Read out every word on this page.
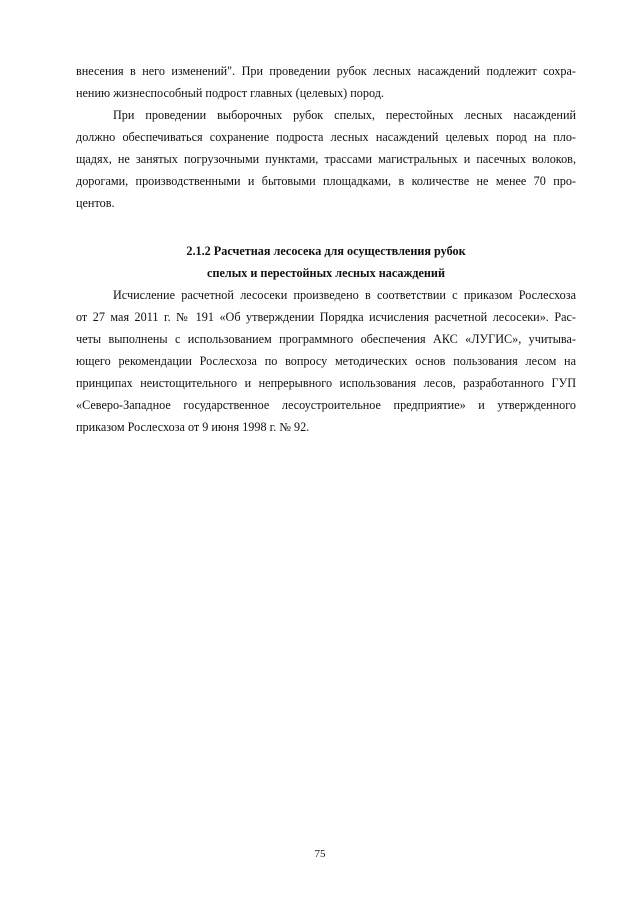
внесения в него изменений". При проведении рубок лесных насаждений подлежит сохра-
нению жизнеспособный подрост главных (целевых) пород.
При проведении выборочных рубок спелых, перестойных лесных насаждений
должно обеспечиваться сохранение подроста лесных насаждений целевых пород на пло-
щадях, не занятых погрузочными пунктами, трассами магистральных и пасечных волоков,
дорогами, производственными и бытовыми площадками, в количестве не менее 70 про-
центов.
2.1.2 Расчетная лесосека для осуществления рубок
спелых и перестойных лесных насаждений
Исчисление расчетной лесосеки произведено в соответствии с приказом Рослесхоза
от 27 мая 2011 г. № 191 «Об утверждении Порядка исчисления расчетной лесосеки». Рас-
четы выполнены с использованием программного обеспечения АКС «ЛУГИС», учитыва-
ющего рекомендации Рослесхоза по вопросу методических основ пользования лесом на
принципах неистощительного и непрерывного использования лесов, разработанного ГУП
«Северо-Западное государственное лесоустроительное предприятие» и утвержденного
приказом Рослесхоза от 9 июня 1998 г. № 92.
75
